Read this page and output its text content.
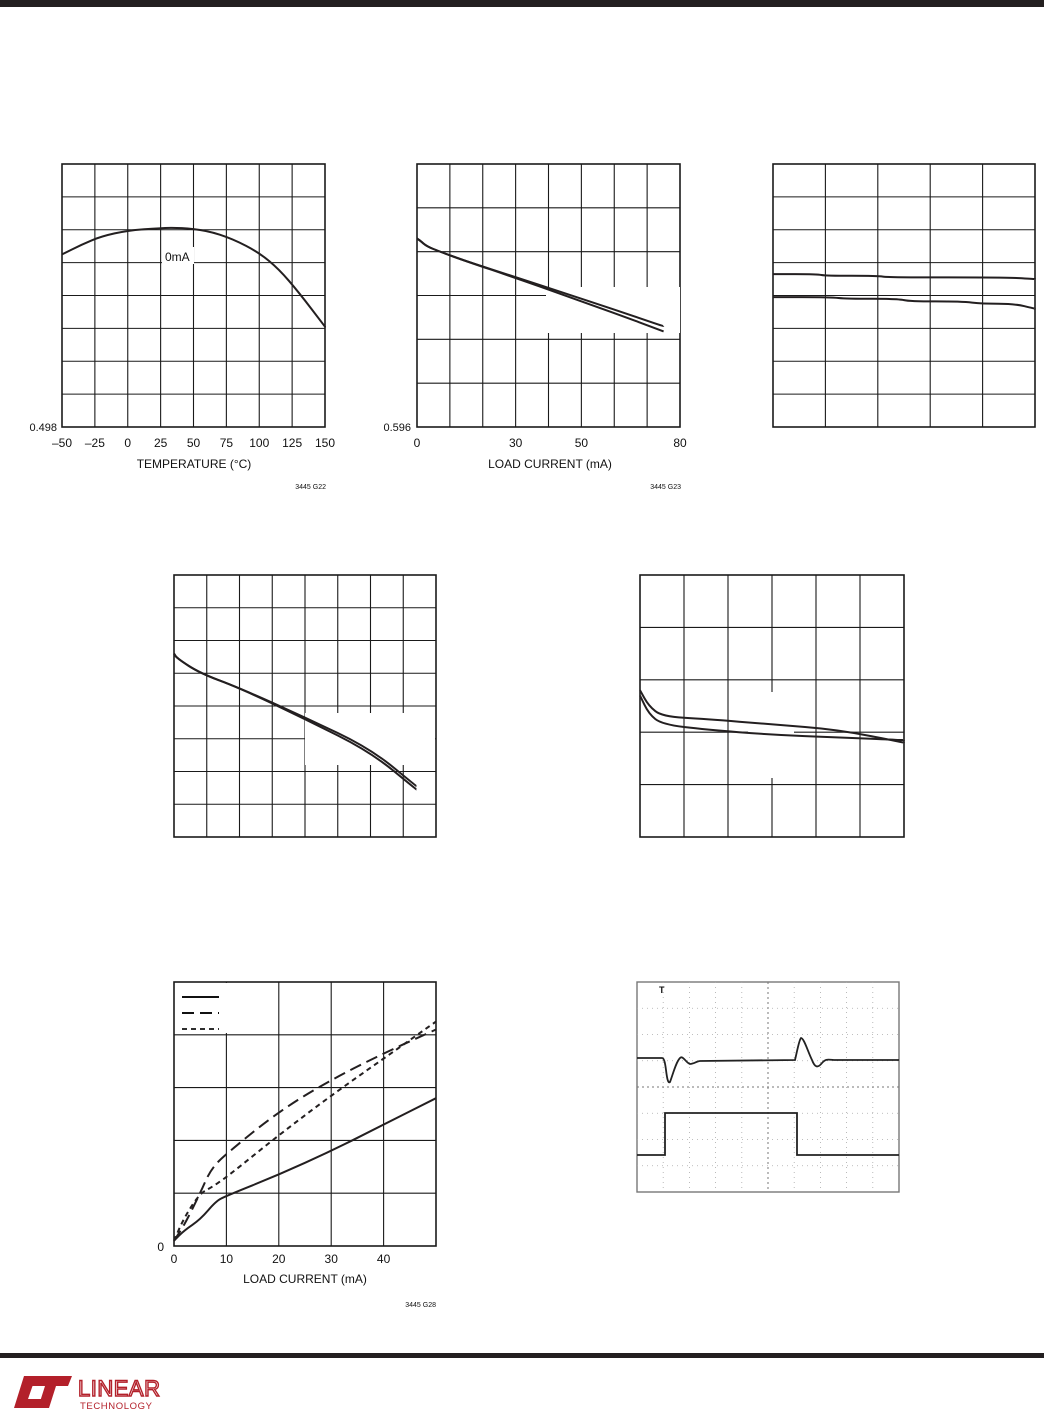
0mA
0.498
–50 –25 0 25 50 75 100 125 150
TEMPERATURE (°C)
3445 G22
0.596
0	30	50	80
LOAD CURRENT (mA)
3445 G23
0
0	10	20	30	40
LOAD CURRENT (mA)
3445 G28
T
LINEAR
TECHNOLOGY
